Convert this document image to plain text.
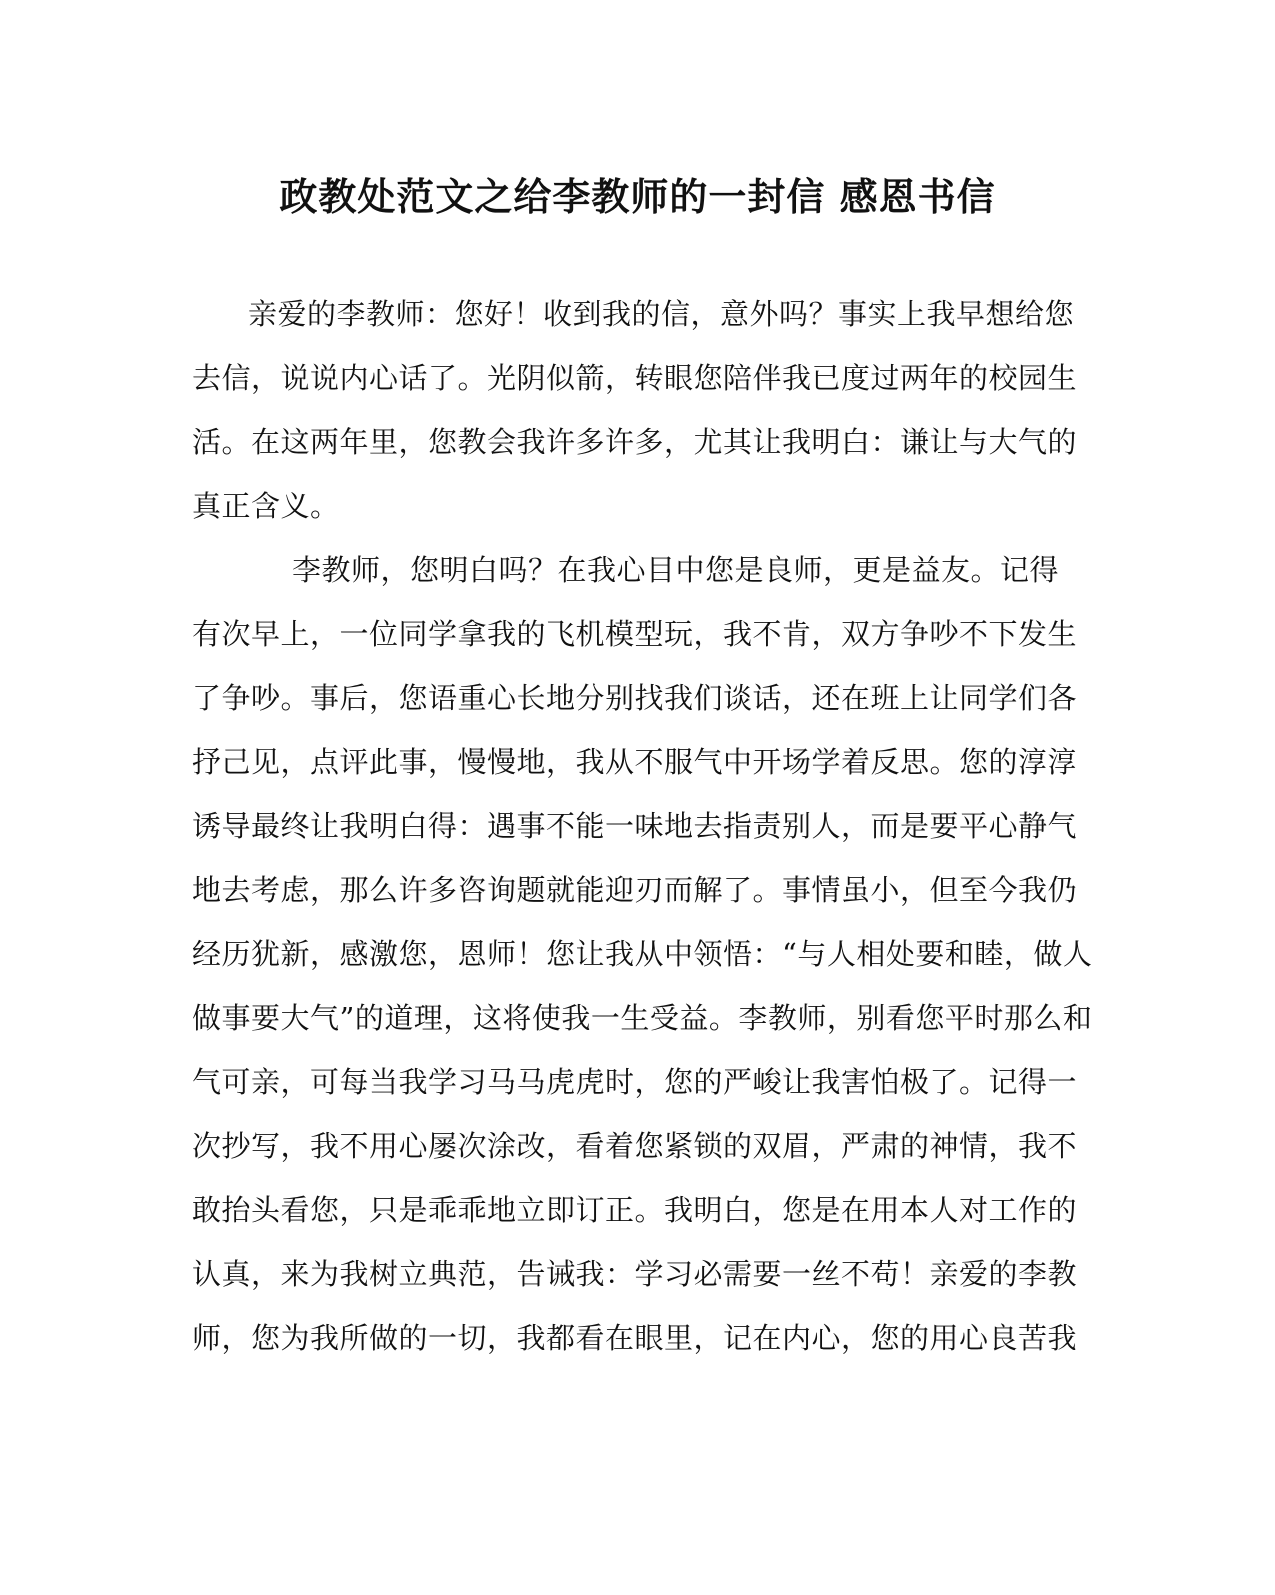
政教处范文之给李教师的一封信 感恩书信
亲爱的李教师：您好！收到我的信，意外吗？事实上我早想给您
去信，说说内心话了。光阴似箭，转眼您陪伴我已度过两年的校园生
活。在这两年里，您教会我许多许多，尤其让我明白：谦让与大气的
真正含义。
李教师，您明白吗？在我心目中您是良师，更是益友。记得
有次早上，一位同学拿我的飞机模型玩，我不肯，双方争吵不下发生
了争吵。事后，您语重心长地分别找我们谈话，还在班上让同学们各
抒己见，点评此事，慢慢地，我从不服气中开场学着反思。您的淳淳
诱导最终让我明白得：遇事不能一味地去指责别人，而是要平心静气
地去考虑，那么许多咨询题就能迎刃而解了。事情虽小，但至今我仍
经历犹新，感激您，恩师！您让我从中领悟：“与人相处要和睦，做人
做事要大气”的道理，这将使我一生受益。李教师，别看您平时那么和
气可亲，可每当我学习马马虎虎时，您的严峻让我害怕极了。记得一
次抄写，我不用心屡次涂改，看着您紧锁的双眉，严肃的神情，我不
敢抬头看您，只是乖乖地立即订正。我明白，您是在用本人对工作的
认真，来为我树立典范，告诫我：学习必需要一丝不苟！亲爱的李教
师，您为我所做的一切，我都看在眼里，记在内心，您的用心良苦我
